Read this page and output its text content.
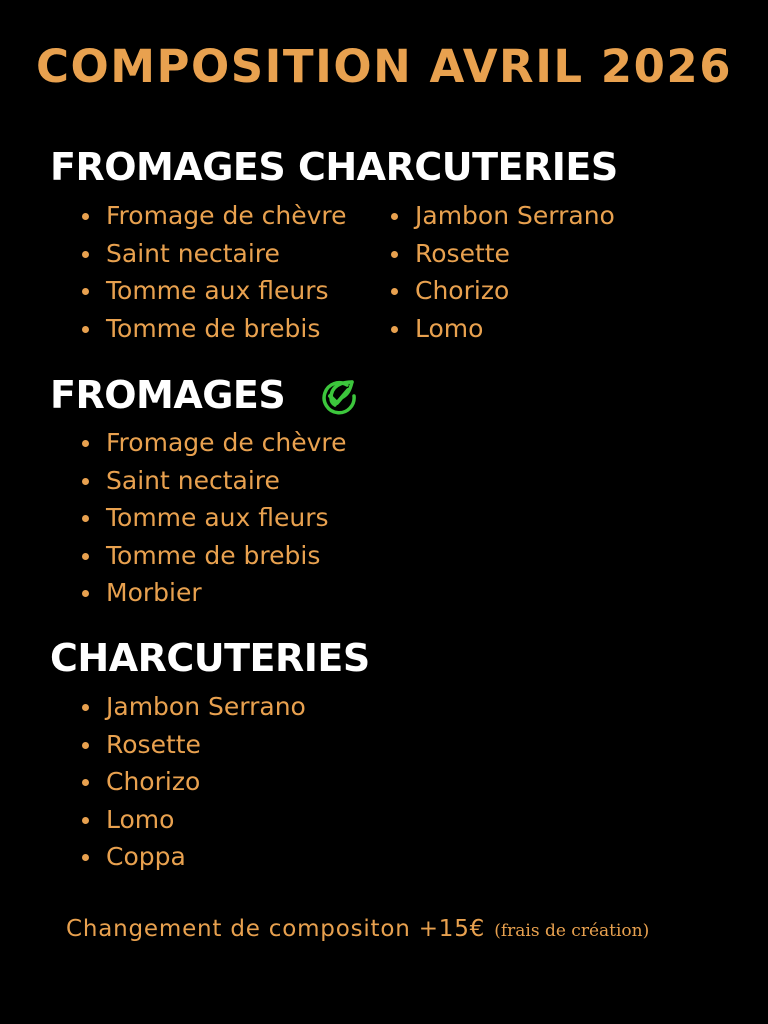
COMPOSITION AVRIL 2026
FROMAGES CHARCUTERIES
Fromage de chèvre
Saint nectaire
Tomme aux fleurs
Tomme de brebis
Jambon Serrano
Rosette
Chorizo
Lomo
FROMAGES
Fromage de chèvre
Saint nectaire
Tomme aux fleurs
Tomme de brebis
Morbier
CHARCUTERIES
Jambon Serrano
Rosette
Chorizo
Lomo
Coppa
Changement de compositon +15€ (frais de création)
